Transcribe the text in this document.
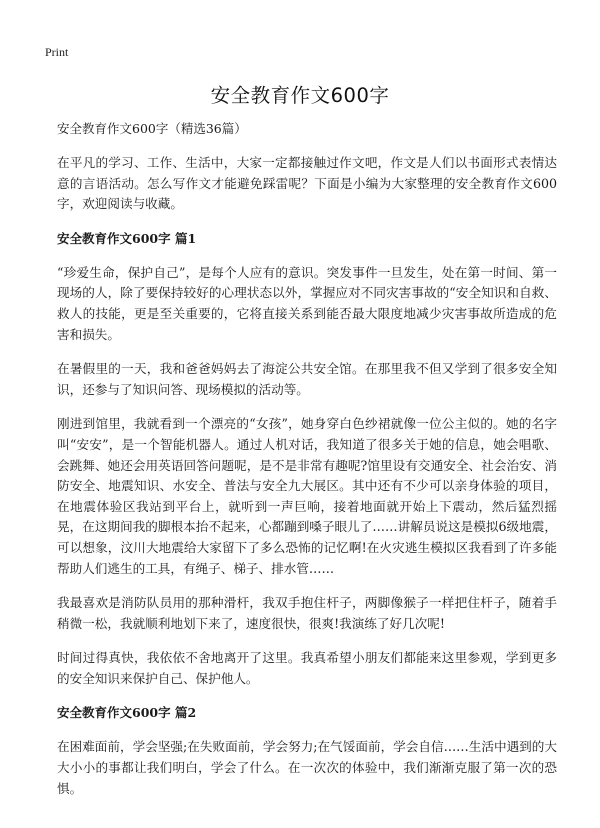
Print
安全教育作文600字

安全教育作文600字（精选36篇）

在平凡的学习、工作、生活中，大家一定都接触过作文吧，作文是人们以书面形式表情达意的言语活动。怎么写作文才能避免踩雷呢？下面是小编为大家整理的安全教育作文600字，欢迎阅读与收藏。

安全教育作文600字 篇1

“珍爱生命，保护自己”，是每个人应有的意识。突发事件一旦发生，处在第一时间、第一现场的人，除了要保持较好的心理状态以外，掌握应对不同灾害事故的“安全知识和自救、救人的技能，更是至关重要的，它将直接关系到能否最大限度地减少灾害事故所造成的危害和损失。

在暑假里的一天，我和爸爸妈妈去了海淀公共安全馆。在那里我不但又学到了很多安全知识，还参与了知识问答、现场模拟的活动等。

刚进到馆里，我就看到一个漂亮的“女孩”，她身穿白色纱裙就像一位公主似的。她的名字叫“安安”，是一个智能机器人。通过人机对话，我知道了很多关于她的信息，她会唱歌、会跳舞、她还会用英语回答问题呢，是不是非常有趣呢?馆里设有交通安全、社会治安、消防安全、地震知识、水安全、普法与安全九大展区。其中还有不少可以亲身体验的项目，在地震体验区我站到平台上，就听到一声巨响，接着地面就开始上下震动，然后猛烈摇晃，在这期间我的脚根本抬不起来，心都蹦到嗓子眼儿了……讲解员说这是模拟6级地震，可以想象，汶川大地震给大家留下了多么恐怖的记忆啊!在火灾逃生模拟区我看到了许多能帮助人们逃生的工具，有绳子、梯子、排水管……

我最喜欢是消防队员用的那种滑杆，我双手抱住杆子，两脚像猴子一样把住杆子，随着手稍微一松，我就顺利地划下来了，速度很快，很爽!我演练了好几次呢!

时间过得真快，我依依不舍地离开了这里。我真希望小朋友们都能来这里参观，学到更多的安全知识来保护自己、保护他人。

安全教育作文600字 篇2

在困难面前，学会坚强;在失败面前，学会努力;在气馁面前，学会自信……生活中遇到的大大小小的事都让我们明白，学会了什么。在一次次的体验中，我们渐渐克服了第一次的恐惧。
